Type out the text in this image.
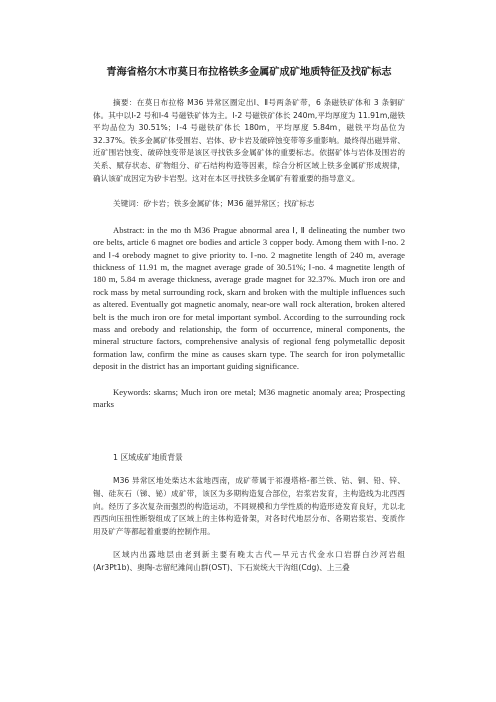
青海省格尔木市莫日布拉格铁多金属矿成矿地质特征及找矿标志

摘要：在莫日布拉格 M36 异常区圈定出Ⅰ、Ⅱ号两条矿带，6 条磁铁矿体和 3 条铜矿体。其中以Ⅰ-2 号和Ⅰ-4 号磁铁矿体为主。Ⅰ-2 号磁铁矿体长 240m,平均厚度为 11.91m,磁铁平均品位为 30.51%；Ⅰ-4 号磁铁矿体长 180m，平均厚度 5.84m，磁铁平均品位为 32.37%。铁多金属矿体受围岩、岩体、矽卡岩及破碎蚀变带等多重影响。最终得出磁异常、近矿围岩蚀变、破碎蚀变带是该区寻找铁多金属矿体的重要标志。依据矿体与岩体及围岩的关系、赋存状态、矿物组分、矿石结构构造等因素，综合分析区域上铁多金属矿形成规律，确认该矿成因定为矽卡岩型。这对在本区寻找铁多金属矿有着重要的指导意义。

关键词：矽卡岩；铁多金属矿体；M36 磁异常区；找矿标志

Abstract: in the mo th M36 Prague abnormal area Ⅰ, Ⅱ delineating the number two ore belts, article 6 magnet ore bodies and article 3 copper body. Among them with Ⅰ-no. 2 and Ⅰ-4 orebody magnet to give priority to. Ⅰ-no. 2 magnetite length of 240 m, average thickness of 11.91 m, the magnet average grade of 30.51%; Ⅰ-no. 4 magnetite length of 180 m, 5.84 m average thickness, average grade magnet for 32.37%. Much iron ore and rock mass by metal surrounding rock, skarn and broken with the multiple influences such as altered. Eventually got magnetic anomaly, near-ore wall rock alteration, broken altered belt is the much iron ore for metal important symbol. According to the surrounding rock mass and orebody and relationship, the form of occurrence, mineral components, the mineral structure factors, comprehensive analysis of regional feng polymetallic deposit formation law, confirm the mine as causes skarn type. The search for iron polymetallic deposit in the district has an important guiding significance.

Keywords: skarns; Much iron ore metal; M36 magnetic anomaly area; Prospecting marks

1 区域成矿地质背景

M36 异常区地处柴达木盆地西南，成矿带属于祁漫塔格-都兰铁、钴、铜、铅、锌、锡、硅灰石（锑、铋）成矿带，该区为多期构造复合部位，岩浆岩发育，主构造线为北西西向。经历了多次复杂而强烈的构造运动，不同规模和力学性质的构造形迹发育良好，尤以北西西向压扭性断裂组成了区域上的主体构造骨架，对各时代地层分布、各期岩浆岩、变质作用及矿产等都起着重要的控制作用。

区域内出露地层由老到新主要有晚太古代—早元古代金水口岩群白沙河岩组(Ar3Pt1b)、奥陶-志留纪滩间山群(OST)、下石炭统大干沟组(Cdg)、上三叠
